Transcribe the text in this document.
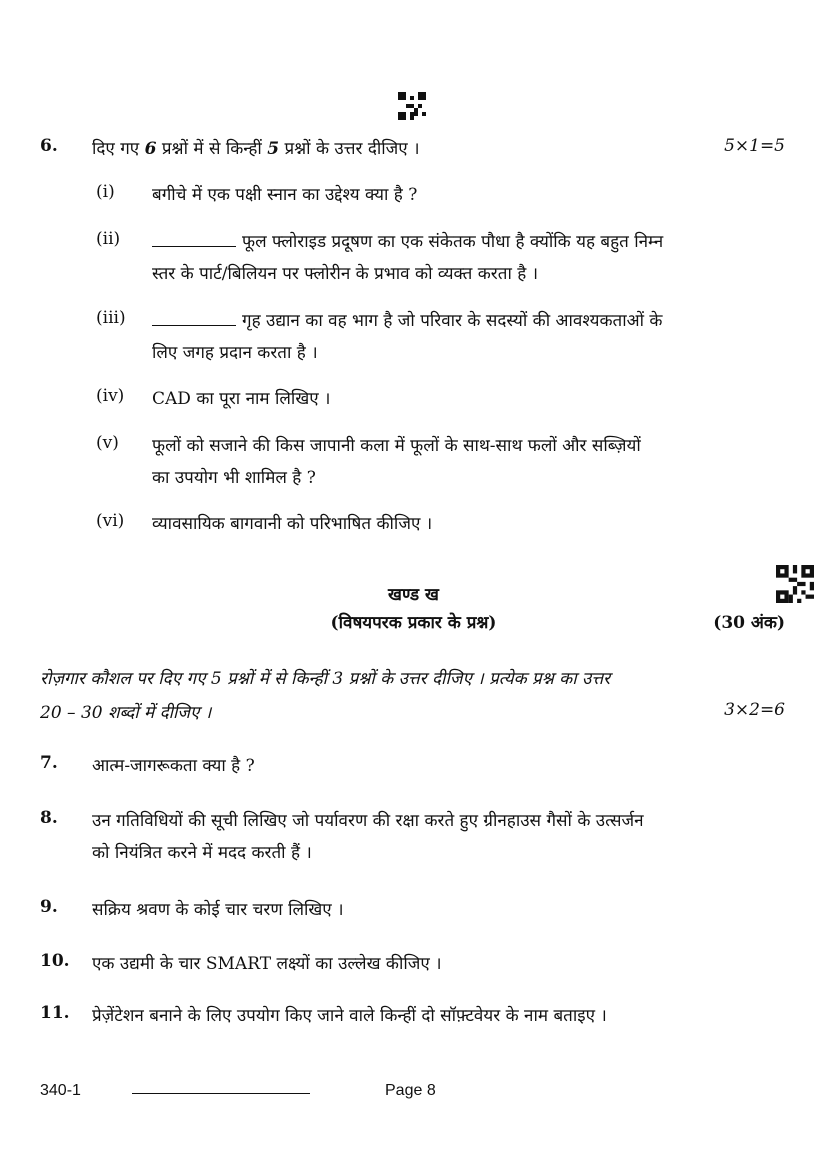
6. दिए गए 6 प्रश्नों में से किन्हीं 5 प्रश्नों के उत्तर दीजिए ।	5×1=5
(i) बगीचे में एक पक्षी स्नान का उद्देश्य क्या है ?
(ii)	फूल फ्लोराइड प्रदूषण का एक संकेतक पौधा है क्योंकि यह बहुत निम्न
स्तर के पार्ट/बिलियन पर फ्लोरीन के प्रभाव को व्यक्त करता है ।
(iii)	गृह उद्यान का वह भाग है जो परिवार के सदस्यों की आवश्यकताओं के
लिए जगह प्रदान करता है ।
(iv) CAD का पूरा नाम लिखिए ।
(v) फूलों को सजाने की किस जापानी कला में फूलों के साथ-साथ फलों और सब्ज़ियों
का उपयोग भी शामिल है ?
(vi) व्यावसायिक बागवानी को परिभाषित कीजिए ।
खण्ड ख
(विषयपरक प्रकार के प्रश्न)	(30 अंक)
रोज़गार कौशल पर दिए गए 5 प्रश्नों में से किन्हीं 3 प्रश्नों के उत्तर दीजिए । प्रत्येक प्रश्न का उत्तर
20 – 30 शब्दों में दीजिए ।	3×2=6
7. आत्म-जागरूकता क्या है ?
8. उन गतिविधियों की सूची लिखिए जो पर्यावरण की रक्षा करते हुए ग्रीनहाउस गैसों के उत्सर्जन
को नियंत्रित करने में मदद करती हैं ।
9. सक्रिय श्रवण के कोई चार चरण लिखिए ।
10. एक उद्यमी के चार SMART लक्ष्यों का उल्लेख कीजिए ।
11. प्रेज़ेंटेशन बनाने के लिए उपयोग किए जाने वाले किन्हीं दो सॉफ़्टवेयर के नाम बताइए ।
340-1	Page 8
